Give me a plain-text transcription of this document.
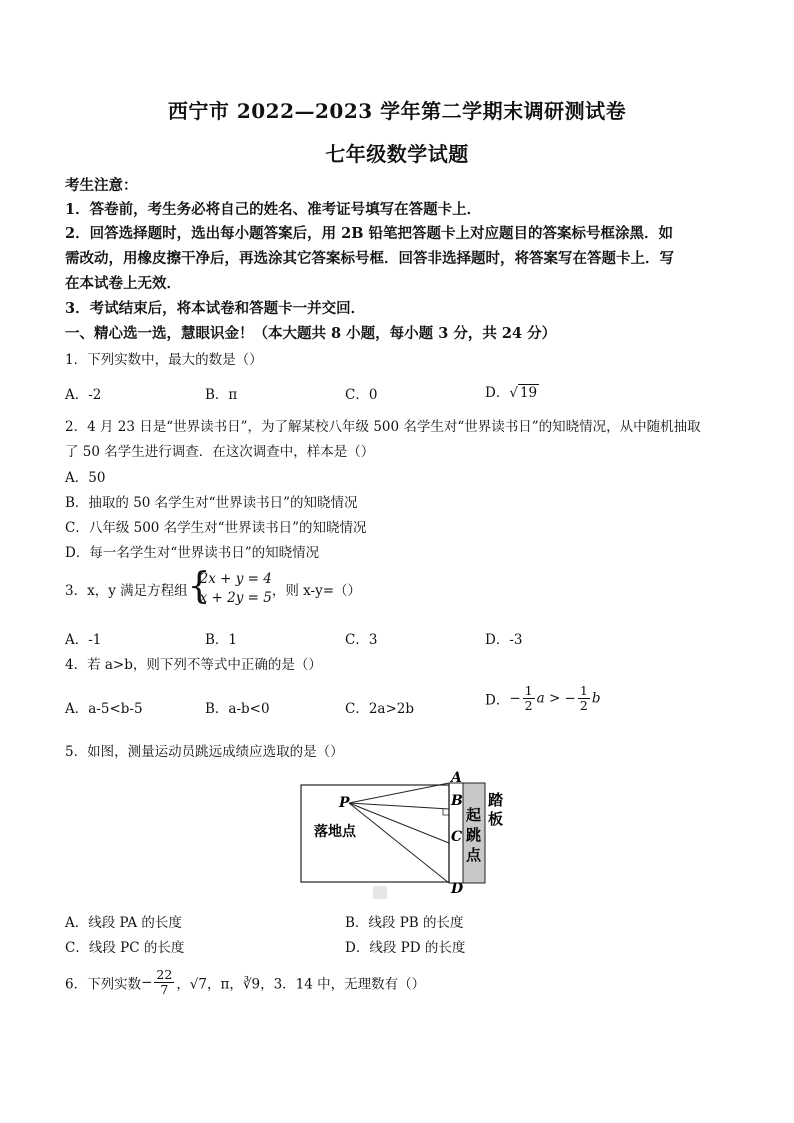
西宁市 2022—2023 学年第二学期末调研测试卷
七年级数学试题
考生注意：
1．答卷前，考生务必将自己的姓名、准考证号填写在答题卡上．
2．回答选择题时，选出每小题答案后，用 2B 铅笔把答题卡上对应题目的答案标号框涂黑．如
需改动，用橡皮擦干净后，再选涂其它答案标号框．回答非选择题时，将答案写在答题卡上．写
在本试卷上无效．
3．考试结束后，将本试卷和答题卡一并交回．
一、精心选一选，慧眼识金！（本大题共 8 小题，每小题 3 分，共 24 分）
1．下列实数中，最大的数是（）
A．-2	B．π	C．0	D．√ 19
2．4 月 23 日是“世界读书日”，为了解某校八年级 500 名学生对“世界读书日”的知晓情况，从中随机抽取
了 50 名学生进行调查．在这次调查中，样本是（）
A．50
B．抽取的 50 名学生对“世界读书日”的知晓情况
C．八年级 500 名学生对“世界读书日”的知晓情况
D．每一名学生对“世界读书日”的知晓情况
3．x，y 满足方程组 {
2x + y = 4
x + 2y = 5 ，则 x-y=（）
A．-1	B．1	C．3	D．-3
4．若 a>b，则下列不等式中正确的是（）
A．a-5<b-5	B．a-b<0	C．2a>2b
D．− $\frac{1}{2}$ a > − $\frac{1}{2}$ b
5．如图，测量运动员跳远成绩应选取的是（）
P
A
B
C
D
落地点
起
跳
点
踏
板
A．线段 PA 的长度	B．线段 PB 的长度
C．线段 PC 的长度	D．线段 PD 的长度
6．下列实数− $\frac{22}{7}$ ，√7，π，∛9，3．14 中，无理数有（）
